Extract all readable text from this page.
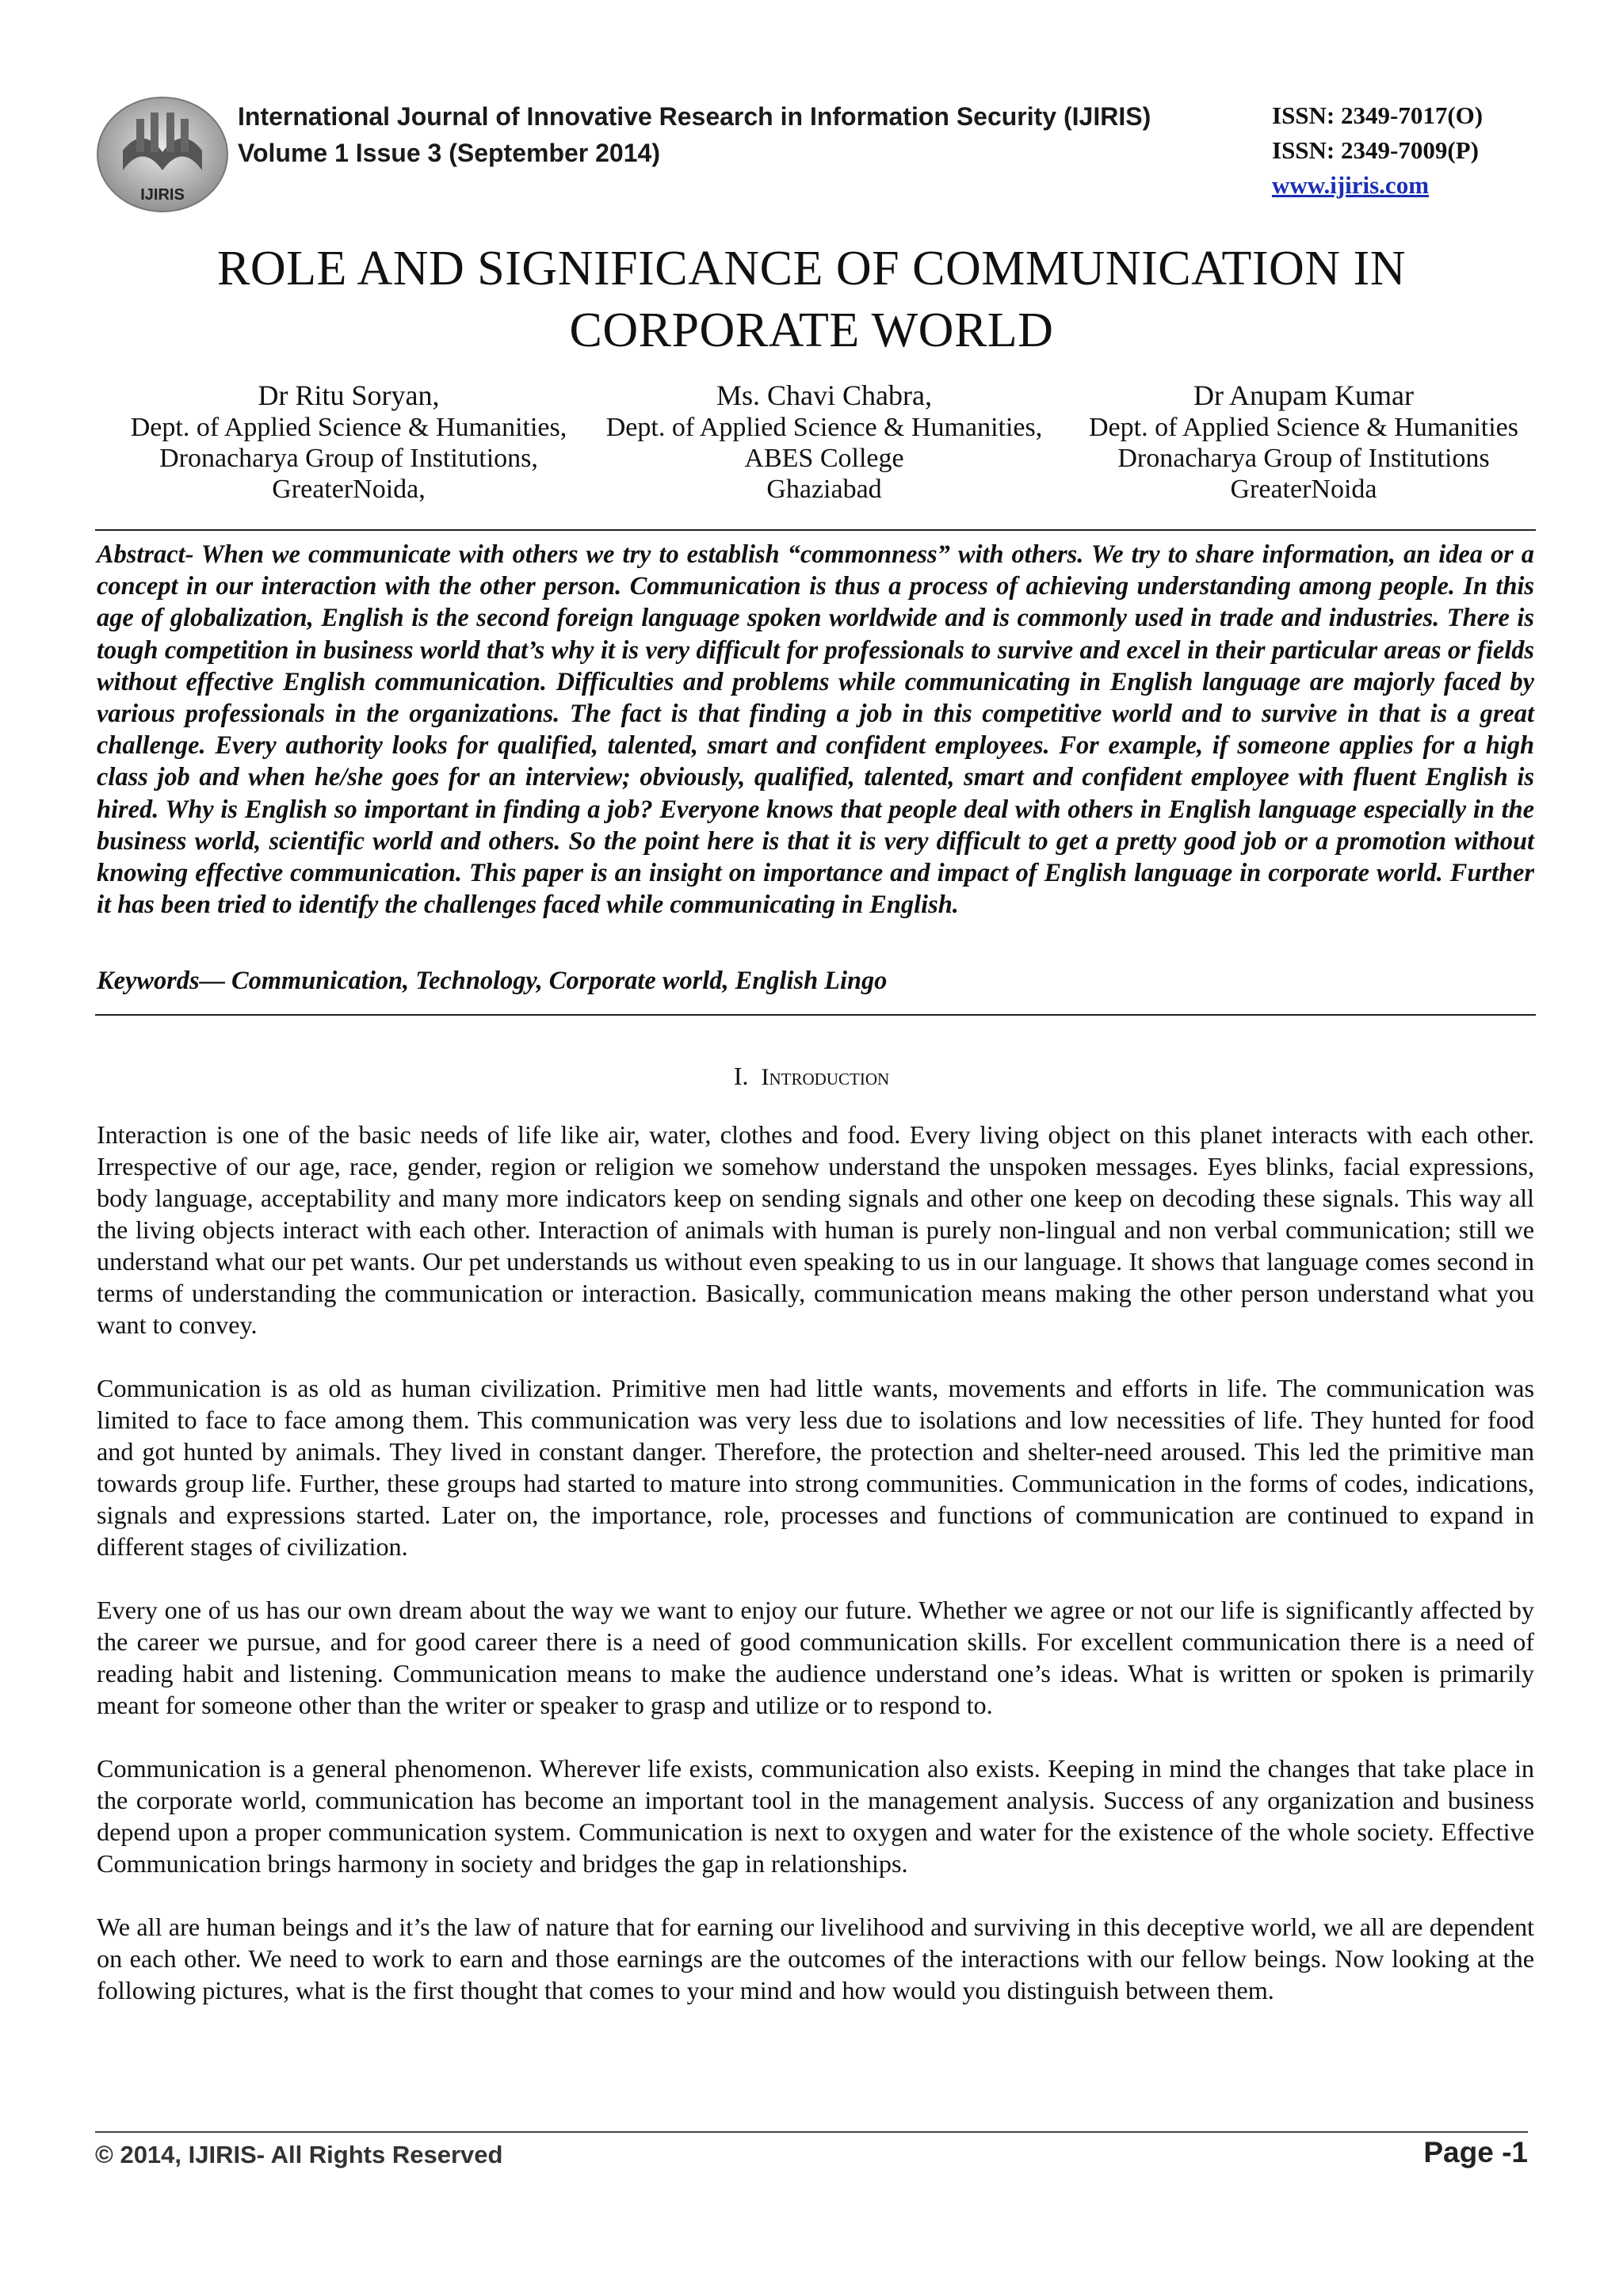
IJIRIS
International Journal of Innovative Research in Information Security (IJIRIS)
Volume 1 Issue 3 (September 2014)
ISSN: 2349-7017(O)
ISSN: 2349-7009(P)
www.ijiris.com
ROLE AND SIGNIFICANCE OF COMMUNICATION IN
CORPORATE WORLD
Dr Ritu Soryan,
Dept. of Applied Science & Humanities,
Dronacharya Group of Institutions,
GreaterNoida,
Ms. Chavi Chabra,
Dept. of Applied Science & Humanities,
ABES College
Ghaziabad
Dr Anupam Kumar
Dept. of Applied Science & Humanities
Dronacharya Group of Institutions
GreaterNoida
Abstract- When we communicate with others we try to establish “commonness” with others. We try to share information, an idea or a concept in our interaction with the other person. Communication is thus a process of achieving understanding among people. In this age of globalization, English is the second foreign language spoken worldwide and is commonly used in trade and industries. There is tough competition in business world that’s why it is very difficult for professionals to survive and excel in their particular areas or fields without effective English communication. Difficulties and problems while communicating in English language are majorly faced by various professionals in the organizations. The fact is that finding a job in this competitive world and to survive in that is a great challenge. Every authority looks for qualified, talented, smart and confident employees. For example, if someone applies for a high class job and when he/she goes for an interview; obviously, qualified, talented, smart and confident employee with fluent English is hired. Why is English so important in finding a job? Everyone knows that people deal with others in English language especially in the business world, scientific world and others. So the point here is that it is very difficult to get a pretty good job or a promotion without knowing effective communication. This paper is an insight on importance and impact of English language in corporate world. Further it has been tried to identify the challenges faced while communicating in English.
Keywords— Communication, Technology, Corporate world, English Lingo
I. Introduction

Interaction is one of the basic needs of life like air, water, clothes and food. Every living object on this planet interacts with each other. Irrespective of our age, race, gender, region or religion we somehow understand the unspoken messages. Eyes blinks, facial expressions, body language, acceptability and many more indicators keep on sending signals and other one keep on decoding these signals. This way all the living objects interact with each other. Interaction of animals with human is purely non-lingual and non verbal communication; still we understand what our pet wants. Our pet understands us without even speaking to us in our language. It shows that language comes second in terms of understanding the communication or interaction. Basically, communication means making the other person understand what you want to convey.

Communication is as old as human civilization. Primitive men had little wants, movements and efforts in life. The communication was limited to face to face among them. This communication was very less due to isolations and low necessities of life. They hunted for food and got hunted by animals. They lived in constant danger. Therefore, the protection and shelter-need aroused. This led the primitive man towards group life. Further, these groups had started to mature into strong communities. Communication in the forms of codes, indications, signals and expressions started. Later on, the importance, role, processes and functions of communication are continued to expand in different stages of civilization.

Every one of us has our own dream about the way we want to enjoy our future. Whether we agree or not our life is significantly affected by the career we pursue, and for good career there is a need of good communication skills. For excellent communication there is a need of reading habit and listening. Communication means to make the audience understand one’s ideas. What is written or spoken is primarily meant for someone other than the writer or speaker to grasp and utilize or to respond to.

Communication is a general phenomenon. Wherever life exists, communication also exists. Keeping in mind the changes that take place in the corporate world, communication has become an important tool in the management analysis. Success of any organization and business depend upon a proper communication system. Communication is next to oxygen and water for the existence of the whole society. Effective Communication brings harmony in society and bridges the gap in relationships.

We all are human beings and it’s the law of nature that for earning our livelihood and surviving in this deceptive world, we all are dependent on each other. We need to work to earn and those earnings are the outcomes of the interactions with our fellow beings. Now looking at the following pictures, what is the first thought that comes to your mind and how would you distinguish between them.

© 2014, IJIRIS- All Rights Reserved	Page -1
